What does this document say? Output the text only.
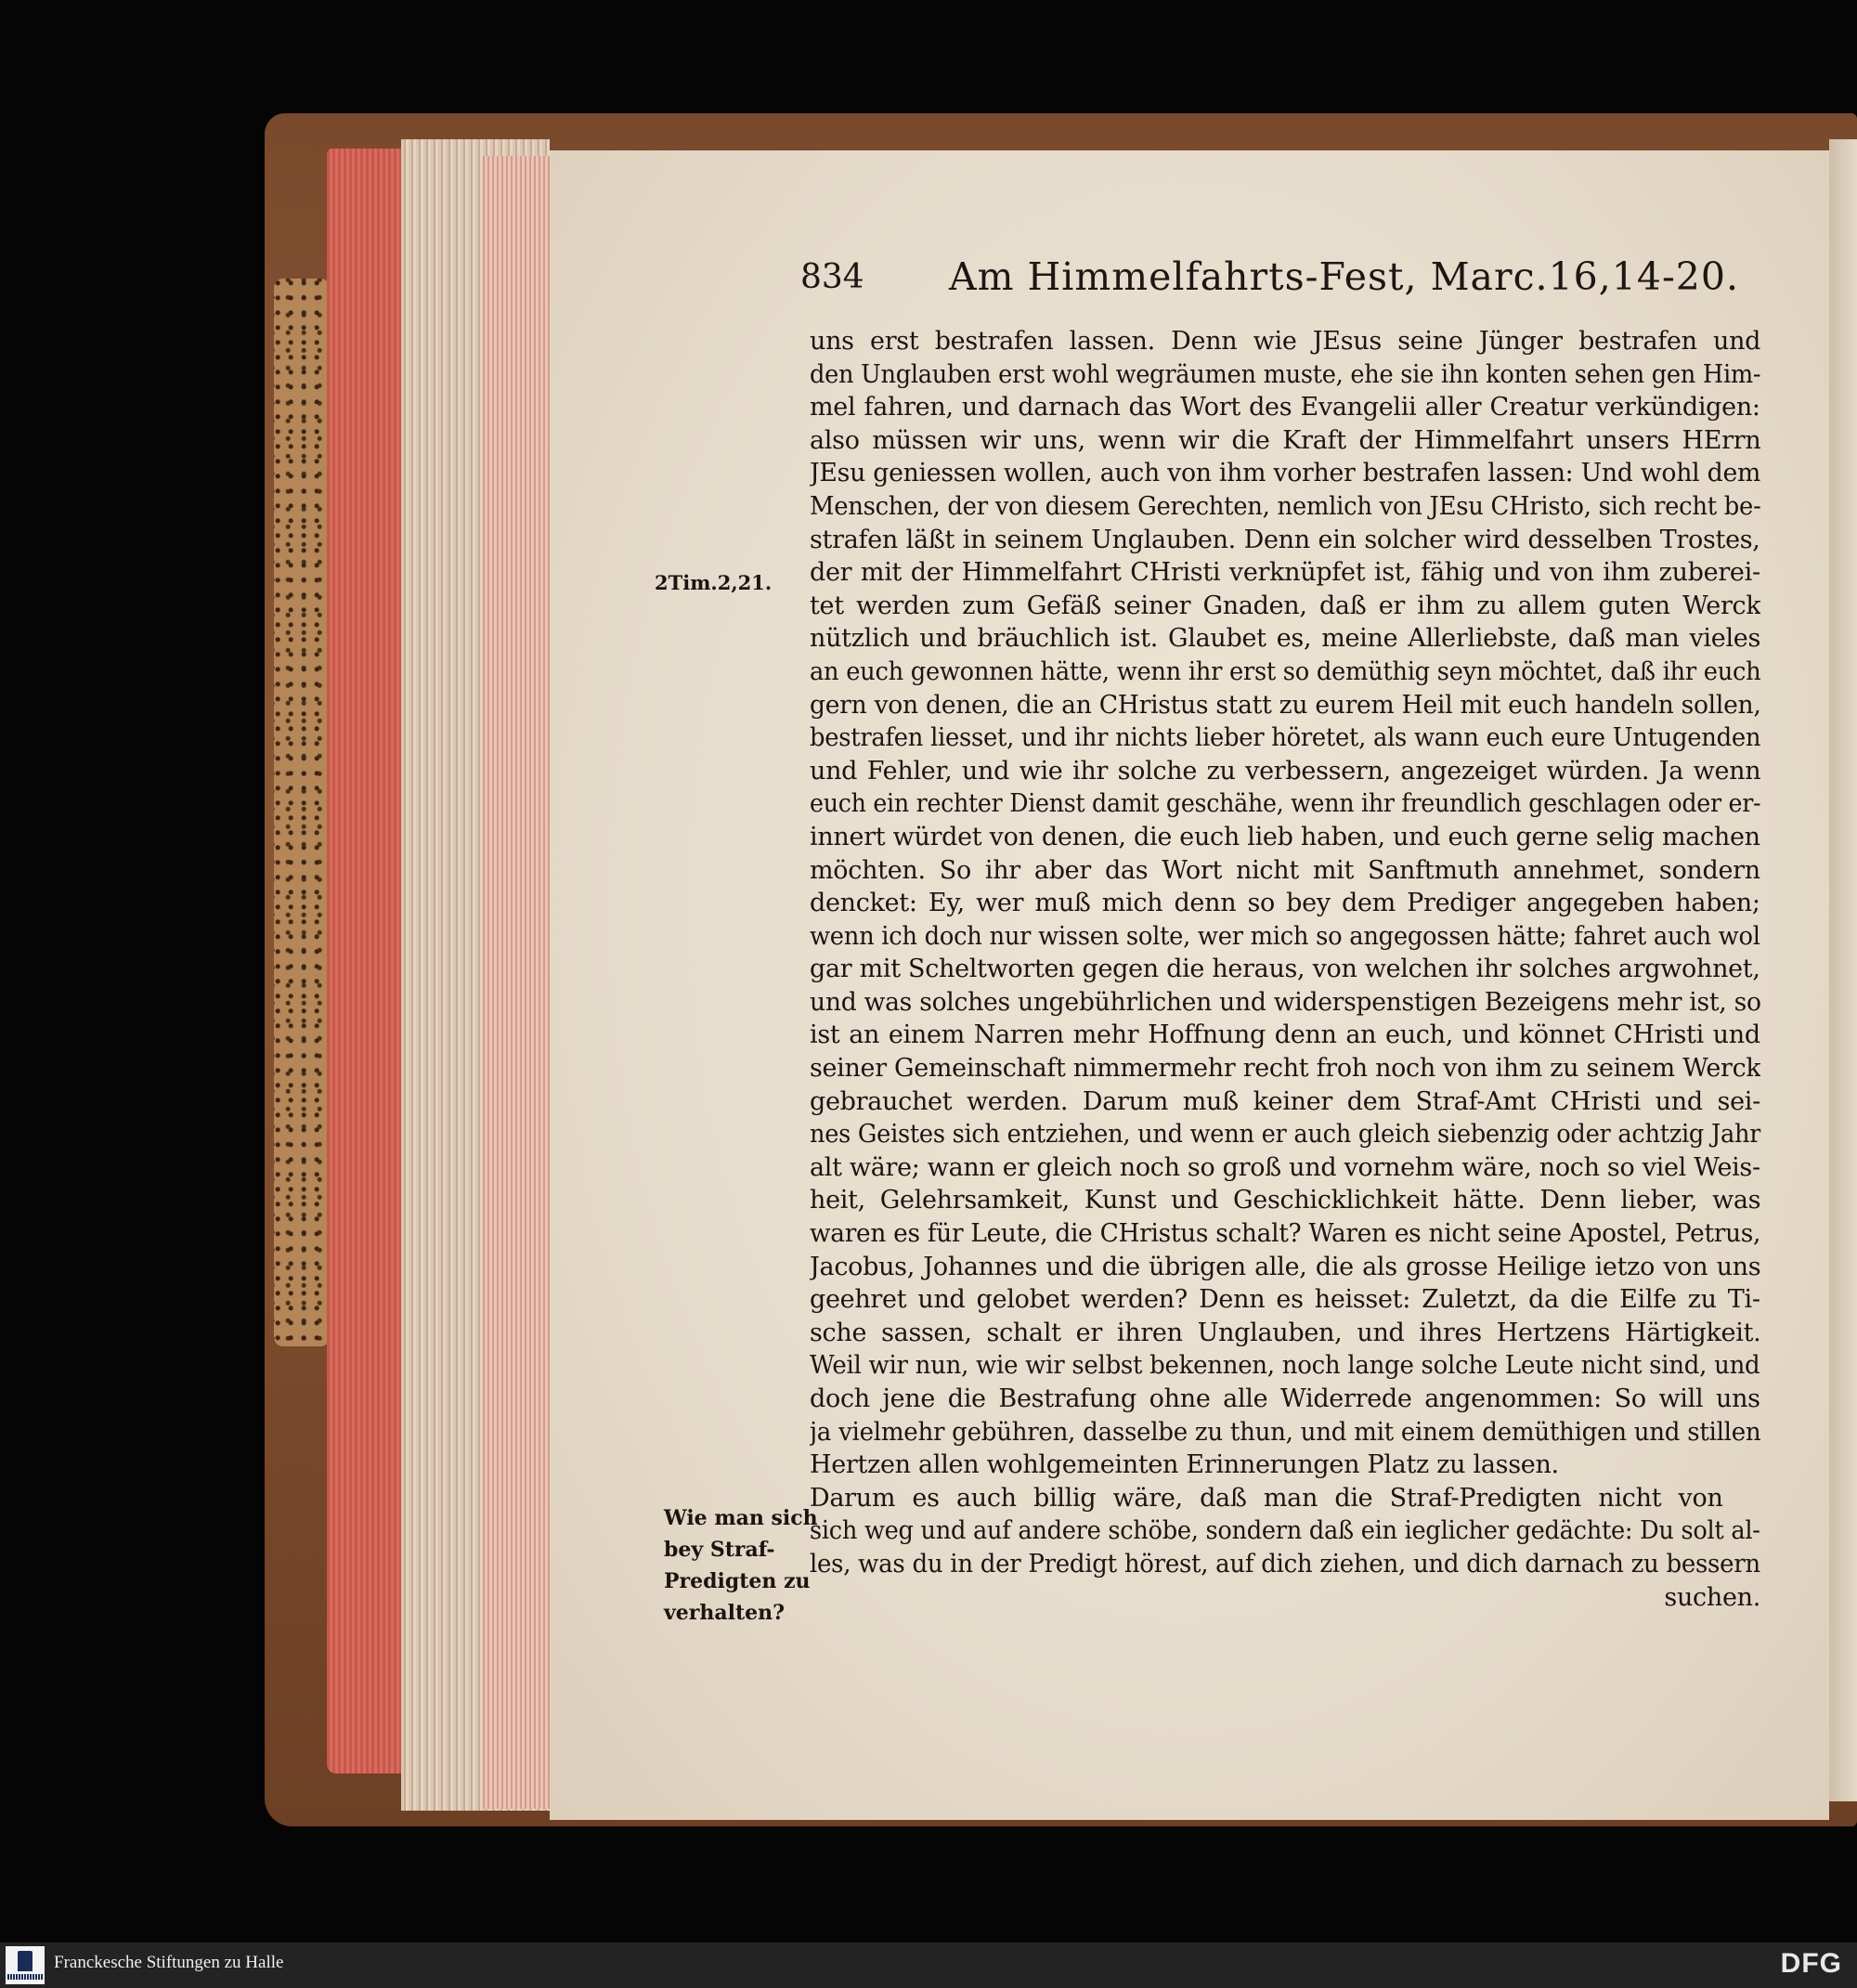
834 Am Himmelfahrts-Fest, Marc.16,14-20.
2Tim.2,21.
Wie man sich
bey Straf-
Predigten zu
verhalten?
uns erst bestrafen lassen. Denn wie JEsus seine Jünger bestrafen und
den Unglauben erst wohl wegräumen muste, ehe sie ihn konten sehen gen Him-
mel fahren, und darnach das Wort des Evangelii aller Creatur verkündigen:
also müssen wir uns, wenn wir die Kraft der Himmelfahrt unsers HErrn
JEsu geniessen wollen, auch von ihm vorher bestrafen lassen: Und wohl dem
Menschen, der von diesem Gerechten, nemlich von JEsu CHristo, sich recht be-
strafen läßt in seinem Unglauben. Denn ein solcher wird desselben Trostes,
der mit der Himmelfahrt CHristi verknüpfet ist, fähig und von ihm zuberei-
tet werden zum Gefäß seiner Gnaden, daß er ihm zu allem guten Werck
nützlich und bräuchlich ist. Glaubet es, meine Allerliebste, daß man vieles
an euch gewonnen hätte, wenn ihr erst so demüthig seyn möchtet, daß ihr euch
gern von denen, die an CHristus statt zu eurem Heil mit euch handeln sollen,
bestrafen liesset, und ihr nichts lieber höretet, als wann euch eure Untugenden
und Fehler, und wie ihr solche zu verbessern, angezeiget würden. Ja wenn
euch ein rechter Dienst damit geschähe, wenn ihr freundlich geschlagen oder er-
innert würdet von denen, die euch lieb haben, und euch gerne selig machen
möchten. So ihr aber das Wort nicht mit Sanftmuth annehmet, sondern
dencket: Ey, wer muß mich denn so bey dem Prediger angegeben haben;
wenn ich doch nur wissen solte, wer mich so angegossen hätte; fahret auch wol
gar mit Scheltworten gegen die heraus, von welchen ihr solches argwohnet,
und was solches ungebührlichen und widerspenstigen Bezeigens mehr ist, so
ist an einem Narren mehr Hoffnung denn an euch, und könnet CHristi und
seiner Gemeinschaft nimmermehr recht froh noch von ihm zu seinem Werck
gebrauchet werden. Darum muß keiner dem Straf-Amt CHristi und sei-
nes Geistes sich entziehen, und wenn er auch gleich siebenzig oder achtzig Jahr
alt wäre; wann er gleich noch so groß und vornehm wäre, noch so viel Weis-
heit, Gelehrsamkeit, Kunst und Geschicklichkeit hätte. Denn lieber, was
waren es für Leute, die CHristus schalt? Waren es nicht seine Apostel, Petrus,
Jacobus, Johannes und die übrigen alle, die als grosse Heilige ietzo von uns
geehret und gelobet werden? Denn es heisset: Zuletzt, da die Eilfe zu Ti-
sche sassen, schalt er ihren Unglauben, und ihres Hertzens Härtigkeit.
Weil wir nun, wie wir selbst bekennen, noch lange solche Leute nicht sind, und
doch jene die Bestrafung ohne alle Widerrede angenommen: So will uns
ja vielmehr gebühren, dasselbe zu thun, und mit einem demüthigen und stillen
Hertzen allen wohlgemeinten Erinnerungen Platz zu lassen.
Darum es auch billig wäre, daß man die Straf-Predigten nicht von
sich weg und auf andere schöbe, sondern daß ein ieglicher gedächte: Du solt al-
les, was du in der Predigt hörest, auf dich ziehen, und dich darnach zu bessern
suchen.
Franckesche Stiftungen zu Halle	DFG
